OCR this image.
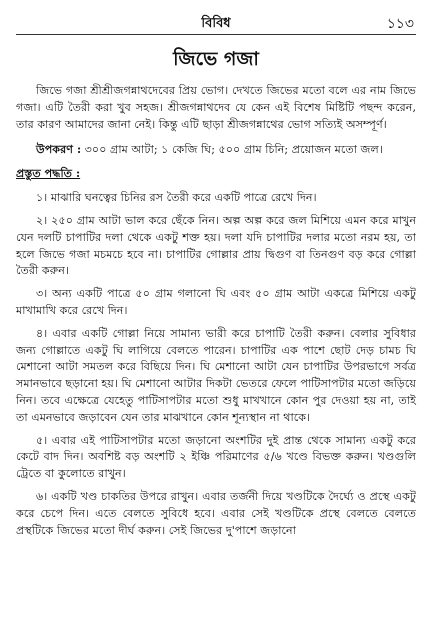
বিবিধ	১১৩
জিভে গজা

জিভে গজা শ্রীশ্রীজগন্নাথদেবের প্রিয় ভোগ। দেখতে জিভের মতো বলে এর নাম জিভে গজা। এটি তৈরী করা খুব সহজ। শ্রীজগন্নাথদেব যে কেন এই বিশেষ মিষ্টিটি পছন্দ করেন, তার কারণ আমাদের জানা নেই। কিন্তু এটি ছাড়া শ্রীজগন্নাথের ভোগ সত্যিই অসম্পূর্ণ।

উপকরণ : ৩০০ গ্রাম আটা; ১ কেজি ঘি; ৫০০ গ্রাম চিনি; প্রয়োজন মতো জল।

প্রস্তুত পদ্ধতি :

১। মাঝারি ঘনত্বের চিনির রস তৈরী করে একটি পাত্রে রেখে দিন।

২। ২৫০ গ্রাম আটা ভাল করে ছেঁকে নিন। অল্প অল্প করে জল মিশিয়ে এমন করে মাখুন যেন দলটি চাপাটির দলা থেকে একটু শক্ত হয়। দলা যদি চাপাটির দলার মতো নরম হয়, তা হলে জিভে গজা মচমচে হবে না। চাপাটির গোল্লার প্রায় দ্বিগুণ বা তিনগুণ বড় করে গোল্লা তৈরী করুন।

৩। অন্য একটি পাত্রে ৫০ গ্রাম গলানো ঘি এবং ৫০ গ্রাম আটা একত্রে মিশিয়ে একটু মাখামাখি করে রেখে দিন।

৪। এবার একটি গোল্লা নিয়ে সামান্য ভারী করে চাপাটি তৈরী করুন। বেলার সুবিধার জন্য গোল্লাতে একটু ঘি লাগিয়ে বেলতে পারেন। চাপাটির এক পাশে ছোট দেড় চামচ ঘি মেশানো আটা সমতল করে বিছিয়ে দিন। ঘি মেশানো আটা যেন চাপাটির উপরভাগে সর্বত্র সমানভাবে ছড়ানো হয়। ঘি মেশানো আটার দিকটা ভেতরে ফেলে পাটিসাপটার মতো জড়িয়ে নিন। তবে এক্ষেত্রে যেহেতু পাটিসাপটার মতো শুধু মাখখানে কোন পুর দেওয়া হয় না, তাই তা এমনভাবে জড়াবেন যেন তার মাঝখানে কোন শূন্যস্থান না থাকে।

৫। এবার এই পাটিসাপটার মতো জড়ানো অংশটির দুই প্রান্ত থেকে সামান্য একটু করে কেটে বাদ দিন। অবশিষ্ট বড় অংশটি ২ ইঞ্চি পরিমাণের ৫/৬ খণ্ডে বিভক্ত করুন। খণ্ডগুলি ট্রেতে বা কুলোতে রাখুন।

৬। একটি খণ্ড চাকতির উপরে রাখুন। এবার তর্জনী দিয়ে খণ্ডটিকে দৈর্ঘ্যে ও প্রস্থে একটু করে চেপে দিন। এতে বেলতে সুবিধে হবে। এবার সেই খণ্ডটিকে প্রস্থে বেলতে বেলতে প্রস্থটিকে জিভের মতো দীর্ঘ করুন। সেই জিভের দু'পাশে জড়ানো
